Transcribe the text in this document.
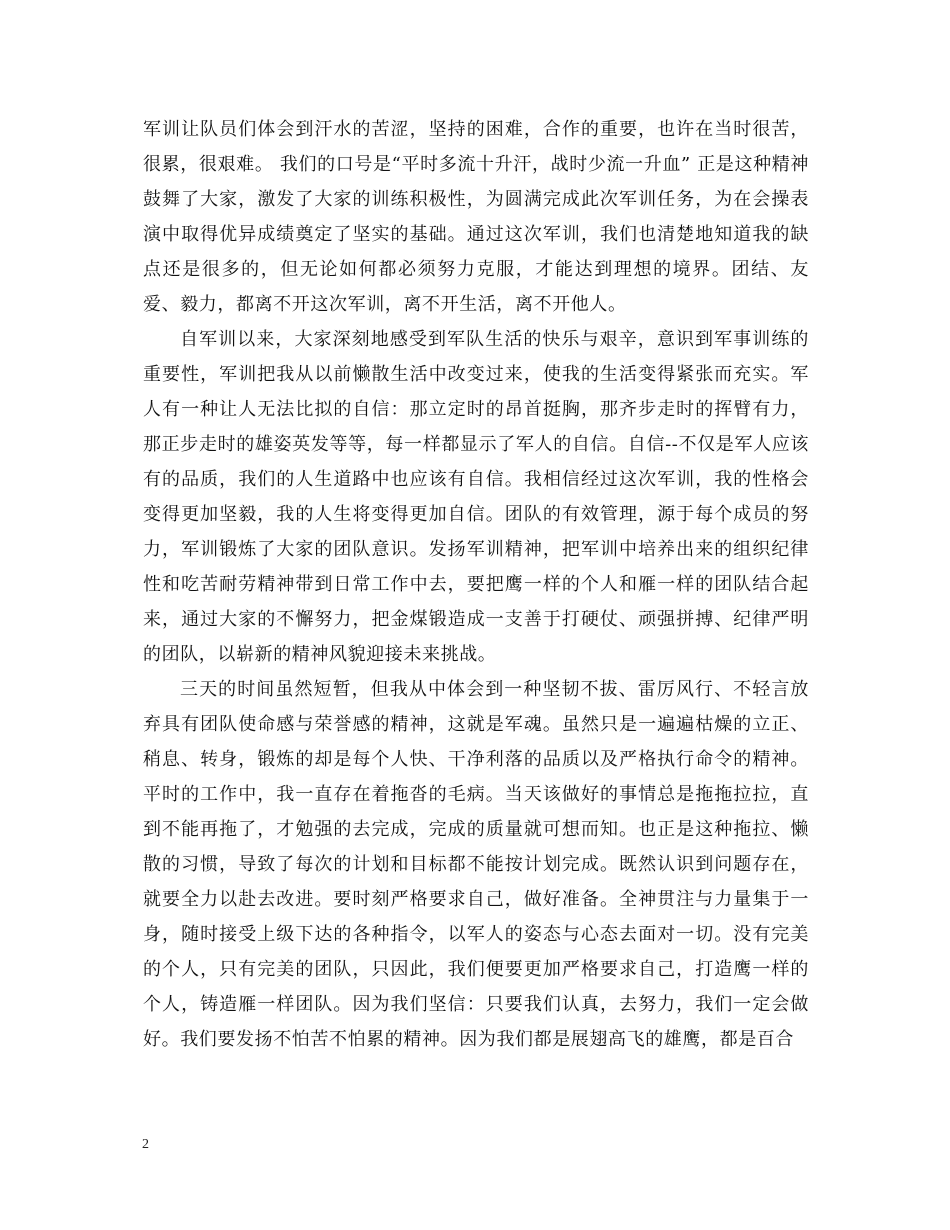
军训让队员们体会到汗水的苦涩，坚持的困难，合作的重要，也许在当时很苦，很累，很艰难。 我们的口号是“平时多流十升汗，战时少流一升血” 正是这种精神鼓舞了大家，激发了大家的训练积极性，为圆满完成此次军训任务，为在会操表演中取得优异成绩奠定了坚实的基础。通过这次军训，我们也清楚地知道我的缺点还是很多的，但无论如何都必须努力克服，才能达到理想的境界。团结、友爱、毅力，都离不开这次军训，离不开生活，离不开他人。

自军训以来，大家深刻地感受到军队生活的快乐与艰辛，意识到军事训练的重要性，军训把我从以前懒散生活中改变过来，使我的生活变得紧张而充实。军人有一种让人无法比拟的自信：那立定时的昂首挺胸，那齐步走时的挥臂有力，那正步走时的雄姿英发等等，每一样都显示了军人的自信。自信--不仅是军人应该有的品质，我们的人生道路中也应该有自信。我相信经过这次军训，我的性格会变得更加坚毅，我的人生将变得更加自信。团队的有效管理，源于每个成员的努力，军训锻炼了大家的团队意识。发扬军训精神，把军训中培养出来的组织纪律性和吃苦耐劳精神带到日常工作中去，要把鹰一样的个人和雁一样的团队结合起来，通过大家的不懈努力，把金煤锻造成一支善于打硬仗、顽强拼搏、纪律严明的团队，以崭新的精神风貌迎接未来挑战。

三天的时间虽然短暂，但我从中体会到一种坚韧不拔、雷厉风行、不轻言放弃具有团队使命感与荣誉感的精神，这就是军魂。虽然只是一遍遍枯燥的立正、稍息、转身，锻炼的却是每个人快、干净利落的品质以及严格执行命令的精神。平时的工作中，我一直存在着拖沓的毛病。当天该做好的事情总是拖拖拉拉，直到不能再拖了，才勉强的去完成，完成的质量就可想而知。也正是这种拖拉、懒散的习惯，导致了每次的计划和目标都不能按计划完成。既然认识到问题存在，就要全力以赴去改进。要时刻严格要求自己，做好准备。全神贯注与力量集于一身，随时接受上级下达的各种指令，以军人的姿态与心态去面对一切。没有完美的个人，只有完美的团队，只因此，我们便要更加严格要求自己，打造鹰一样的个人，铸造雁一样团队。因为我们坚信：只要我们认真，去努力，我们一定会做好。我们要发扬不怕苦不怕累的精神。因为我们都是展翅高飞的雄鹰，都是百合

2
